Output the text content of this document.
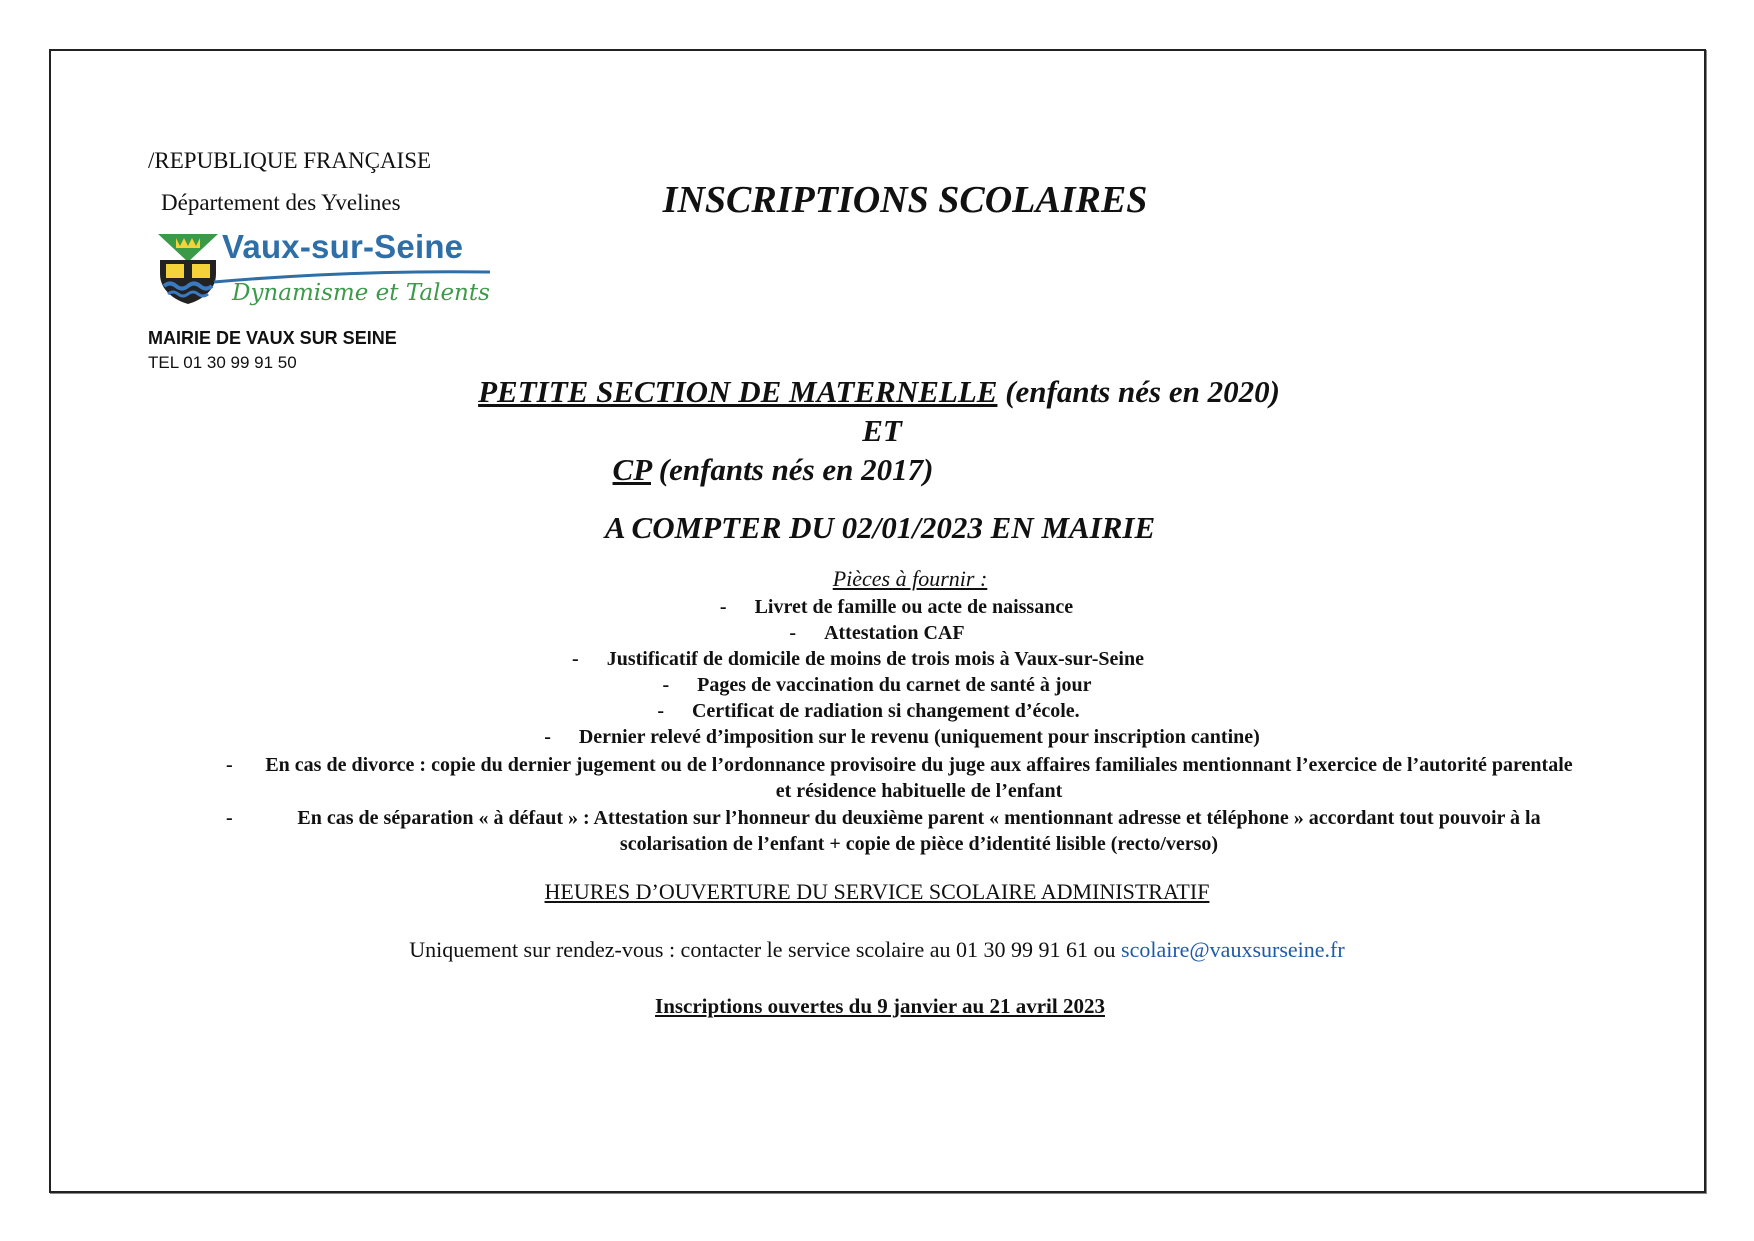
/REPUBLIQUE FRANÇAISE
Département des Yvelines
Vaux-sur-Seine
Dynamisme et Talents
MAIRIE DE VAUX SUR SEINE
TEL 01 30 99 91 50
INSCRIPTIONS SCOLAIRES
PETITE SECTION DE MATERNELLE (enfants nés en 2020)
ET
CP (enfants nés en 2017)
A COMPTER DU 02/01/2023 EN MAIRIE
Pièces à fournir :
- Livret de famille ou acte de naissance
- Attestation CAF
- Justificatif de domicile de moins de trois mois à Vaux-sur-Seine
- Pages de vaccination du carnet de santé à jour
- Certificat de radiation si changement d’école.
- Dernier relevé d’imposition sur le revenu (uniquement pour inscription cantine)
- En cas de divorce : copie du dernier jugement ou de l’ordonnance provisoire du juge aux affaires familiales mentionnant l’exercice de l’autorité parentale et résidence habituelle de l’enfant
-	En cas de séparation « à défaut » : Attestation sur l’honneur du deuxième parent « mentionnant adresse et téléphone » accordant tout pouvoir à la scolarisation de l’enfant + copie de pièce d’identité lisible (recto/verso)
HEURES D’OUVERTURE DU SERVICE SCOLAIRE ADMINISTRATIF
Uniquement sur rendez-vous : contacter le service scolaire au 01 30 99 91 61 ou scolaire@vauxsurseine.fr
Inscriptions ouvertes du 9 janvier au 21 avril 2023
